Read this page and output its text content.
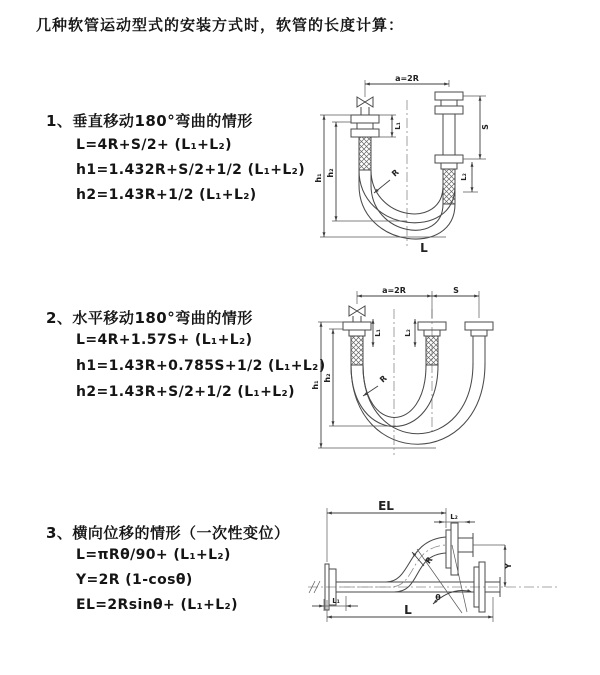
几种软管运动型式的安装方式时，软管的长度计算：
1、垂直移动180°弯曲的情形
L=4R+S/2+ (L₁+L₂)
h1=1.432R+S/2+1/2 (L₁+L₂)
h2=1.43R+1/2 (L₁+L₂)
2、水平移动180°弯曲的情形
L=4R+1.57S+ (L₁+L₂)
h1=1.43R+0.785S+1/2 (L₁+L₂)
h2=1.43R+S/2+1/2 (L₁+L₂)
3、横向位移的情形（一次性变位）
L=πRθ/90+ (L₁+L₂)
Y=2R (1-cosθ)
EL=2Rsinθ+ (L₁+L₂)
a=2R
h₁
h₂
L₁	S
L₂
R
L
a=2R	S
h₁
h₂
L₁	L₂
R
EL
L₂
Y
θ
R
L
L₁
